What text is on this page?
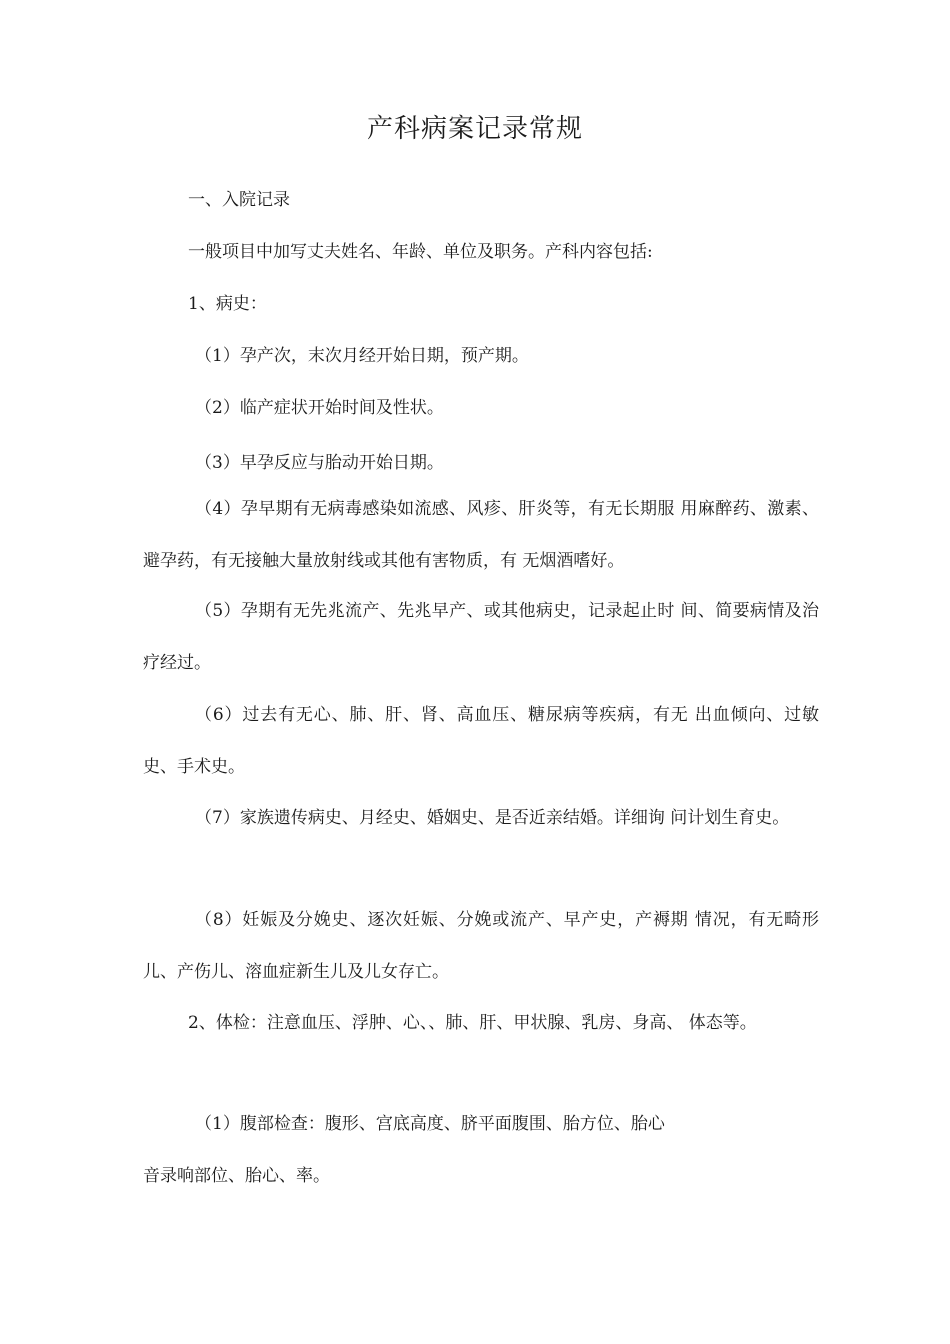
产科病案记录常规

一、入院记录

一般项目中加写丈夫姓名、年龄、单位及职务。产科内容包括:

1、病史：

（1）孕产次，末次月经开始日期，预产期。

（2）临产症状开始时间及性状。

（3）早孕反应与胎动开始日期。

（4）孕早期有无病毒感染如流感、风疹、肝炎等，有无长期服 用麻醉药、激素、避孕药，有无接触大量放射线或其他有害物质，有 无烟酒嗜好。

（5）孕期有无先兆流产、先兆早产、或其他病史，记录起止时 间、简要病情及治疗经过。

（6）过去有无心、肺、肝、肾、高血压、糖尿病等疾病，有无 出血倾向、过敏史、手术史。

（7）家族遗传病史、月经史、婚姻史、是否近亲结婚。详细询 问计划生育史。

（8）妊娠及分娩史、逐次妊娠、分娩或流产、早产史，产褥期 情况，有无畸形儿、产伤儿、溶血症新生儿及儿女存亡。

2、体检：注意血压、浮肿、心、、肺、肝、甲状腺、乳房、身高、 体态等。

（1）腹部检查：腹形、宫底高度、脐平面腹围、胎方位、胎心

音录响部位、胎心、率。
